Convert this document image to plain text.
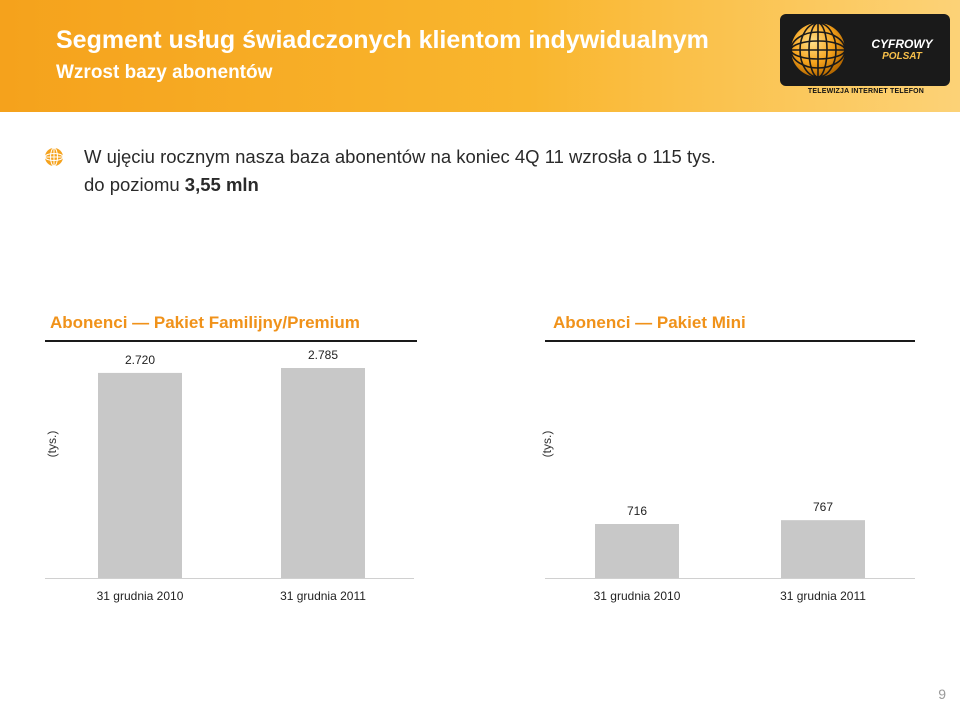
Segment usług świadczonych klientom indywidualnym
Wzrost bazy abonentów
CYFROWY
POLSAT
TELEWIZJA INTERNET TELEFON

W ujęciu rocznym nasza baza abonentów na koniec 4Q 11 wzrosła o 115 tys.
do poziomu 3,55 mln

Abonenci — Pakiet Familijny/Premium
(tys.)
2.720
31 grudnia 2010
2.785
31 grudnia 2011
Abonenci — Pakiet Mini
(tys.)
716
31 grudnia 2010
767
31 grudnia 2011
9
